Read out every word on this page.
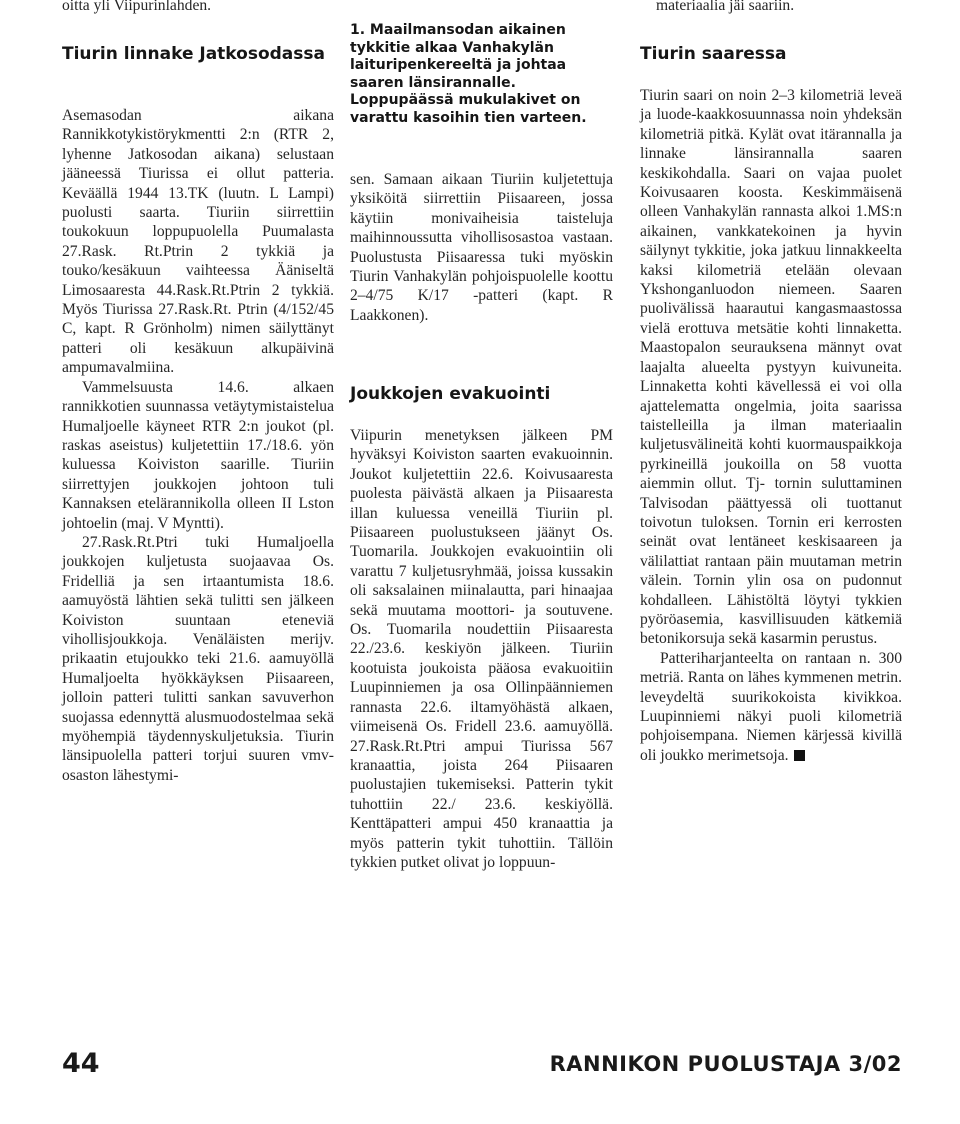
oitta yli Viipurinlahden.

Tiurin linnake Jatkosodassa

Asemasodan aikana Rannikkotykistörykmentti 2:n (RTR 2, lyhenne Jatkosodan aikana) selustaan jääneessä Tiurissa ei ollut patteria. Keväällä 1944 13.TK (luutn. L Lampi) puolusti saarta. Tiuriin siirrettiin toukokuun loppupuolella Puumalasta 27.Rask. Rt.Ptrin 2 tykkiä ja touko/kesäkuun vaihteessa Ääniseltä Limosaaresta 44.Rask.Rt.Ptrin 2 tykkiä. Myös Tiurissa 27.Rask.Rt. Ptrin (4/152/45 C, kapt. R Grönholm) nimen säilyttänyt patteri oli kesäkuun alkupäivinä ampumavalmiina.

Vammelsuusta 14.6. alkaen rannikkotien suunnassa vetäytymistaistelua Humaljoelle käyneet RTR 2:n joukot (pl. raskas aseistus) kuljetettiin 17./18.6. yön kuluessa Koiviston saarille. Tiuriin siirrettyjen joukkojen johtoon tuli Kannaksen etelärannikolla olleen II Lston johtoelin (maj. V Myntti).

27.Rask.Rt.Ptri tuki Humaljoella joukkojen kuljetusta suojaavaa Os. Fridelliä ja sen irtaantumista 18.6. aamuyöstä lähtien sekä tulitti sen jälkeen Koiviston suuntaan eteneviä vihollisjoukkoja. Venäläisten merijv. prikaatin etujoukko teki 21.6. aamuyöllä Humaljoelta hyökkäyksen Piisaareen, jolloin patteri tulitti sankan savuverhon suojassa edennyttä alusmuodostelmaa sekä myöhempiä täydennyskuljetuksia. Tiurin länsipuolella patteri torjui suuren vmv-osaston lähestymi-

1. Maailmansodan aikainen tykkitie alkaa Vanhakylän laituripenkereeltä ja johtaa saaren länsirannalle. Loppupäässä mukulakivet on varattu kasoihin tien varteen.

sen. Samaan aikaan Tiuriin kuljetettuja yksiköitä siirrettiin Piisaareen, jossa käytiin monivaiheisia taisteluja maihinnoussutta vihollisosastoa vastaan. Puolustusta Piisaaressa tuki myöskin Tiurin Vanhakylän pohjoispuolelle koottu 2–4/75 K/17 -patteri (kapt. R Laakkonen).

Joukkojen evakuointi

Viipurin menetyksen jälkeen PM hyväksyi Koiviston saarten evakuoinnin. Joukot kuljetettiin 22.6. Koivusaaresta puolesta päivästä alkaen ja Piisaaresta illan kuluessa veneillä Tiuriin pl. Piisaareen puolustukseen jäänyt Os. Tuomarila. Joukkojen evakuointiin oli varattu 7 kuljetusryhmää, joissa kussakin oli saksalainen miinalautta, pari hinaajaa sekä muutama moottori- ja soutuvene. Os. Tuomarila noudettiin Piisaaresta 22./23.6. keskiyön jälkeen. Tiuriin kootuista joukoista pääosa evakuoitiin Luupinniemen ja osa Ollinpäänniemen rannasta 22.6. iltamyöhästä alkaen, viimeisenä Os. Fridell 23.6. aamuyöllä. 27.Rask.Rt.Ptri ampui Tiurissa 567 kranaattia, joista 264 Piisaaren puolustajien tukemiseksi. Patterin tykit tuhottiin 22./ 23.6. keskiyöllä. Kenttäpatteri ampui 450 kranaattia ja myös patterin tykit tuhottiin. Tällöin tykkien putket olivat jo loppuun-

materiaalia jäi saariin.

Tiurin saaressa

Tiurin saari on noin 2–3 kilometriä leveä ja luode-kaakkosuunnassa noin yhdeksän kilometriä pitkä. Kylät ovat itärannalla ja linnake länsirannalla saaren keskikohdalla. Saari on vajaa puolet Koivusaaren koosta. Keskimmäisenä olleen Vanhakylän rannasta alkoi 1.MS:n aikainen, vankkatekoinen ja hyvin säilynyt tykkitie, joka jatkuu linnakkeelta kaksi kilometriä etelään olevaan Ykshonganluodon niemeen. Saaren puolivälissä haarautui kangasmaastossa vielä erottuva metsätie kohti linnaketta. Maastopalon seurauksena männyt ovat laajalta alueelta pystyyn kuivuneita. Linnaketta kohti kävellessä ei voi olla ajattelematta ongelmia, joita saarissa taistelleilla ja ilman materiaalin kuljetusvälineitä kohti kuormauspaikkoja pyrkineillä joukoilla on 58 vuotta aiemmin ollut. Tj- tornin suluttaminen Talvisodan päättyessä oli tuottanut toivotun tuloksen. Tornin eri kerrosten seinät ovat lentäneet keskisaareen ja välilattiat rantaan päin muutaman metrin välein. Tornin ylin osa on pudonnut kohdalleen. Lähistöltä löytyi tykkien pyöröasemia, kasvillisuuden kätkemiä betonikorsuja sekä kasarmin perustus.

Patteriharjanteelta on rantaan n. 300 metriä. Ranta on lähes kymmenen metrin. leveydeltä suurikokoista kivikkoa. Luupinniemi näkyi puoli kilometriä pohjoisempana. Niemen kärjessä kivillä oli joukko merimetsoja.

44	RANNIKON PUOLUSTAJA 3/02
